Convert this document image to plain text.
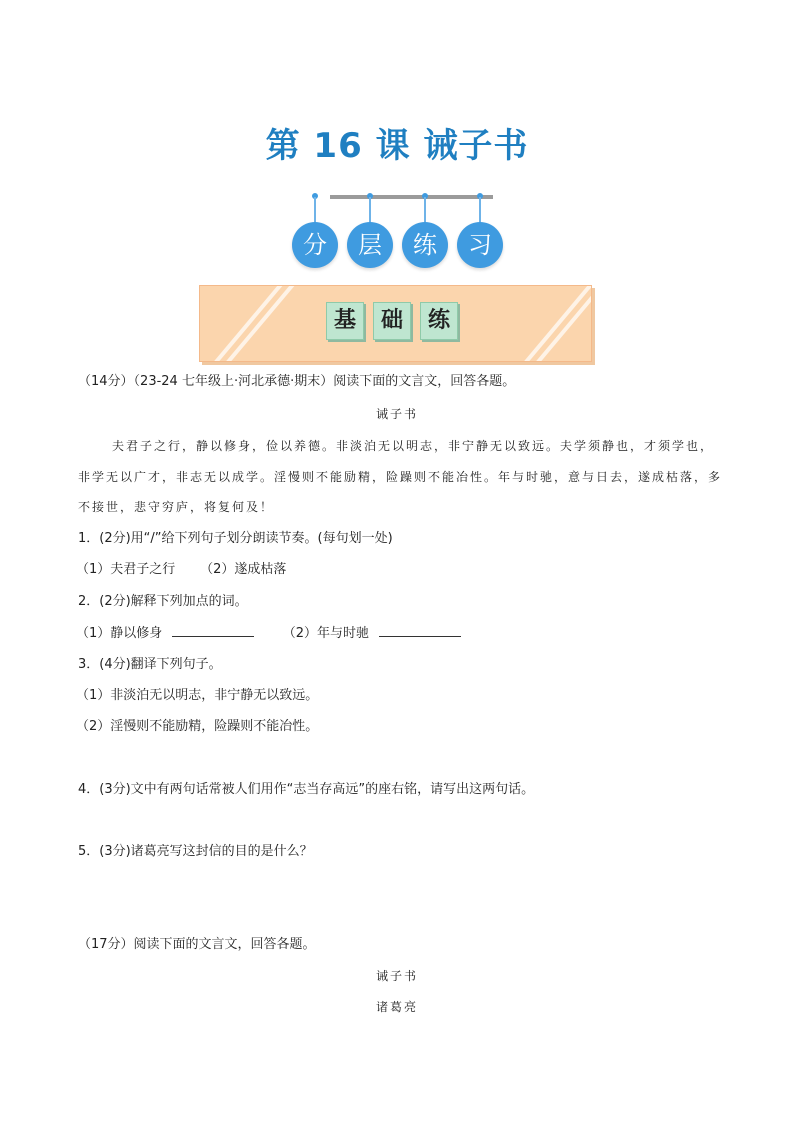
第 16 课 诫子书
分	层	练	习
基	础	练
（14分）（23-24 七年级上·河北承德·期末）阅读下面的文言文，回答各题。
诫子书
夫君子之行，静以修身，俭以养德。非淡泊无以明志，非宁静无以致远。夫学须静也，才须学也，
非学无以广才，非志无以成学。淫慢则不能励精，险躁则不能冶性。年与时驰，意与日去，遂成枯落，多
不接世，悲守穷庐，将复何及！
1．(2分)用“/”给下列句子划分朗读节奏。(每句划一处)
（1）夫君子之行      （2）遂成枯落
2．(2分)解释下列加点的词。
（1）静以修身	（2）年与时驰
3．(4分)翻译下列句子。
（1）非淡泊无以明志，非宁静无以致远。
（2）淫慢则不能励精，险躁则不能冶性。
4．(3分)文中有两句话常被人们用作“志当存高远”的座右铭，请写出这两句话。
5．(3分)诸葛亮写这封信的目的是什么？
（17分）阅读下面的文言文，回答各题。
诫子书
诸葛亮
